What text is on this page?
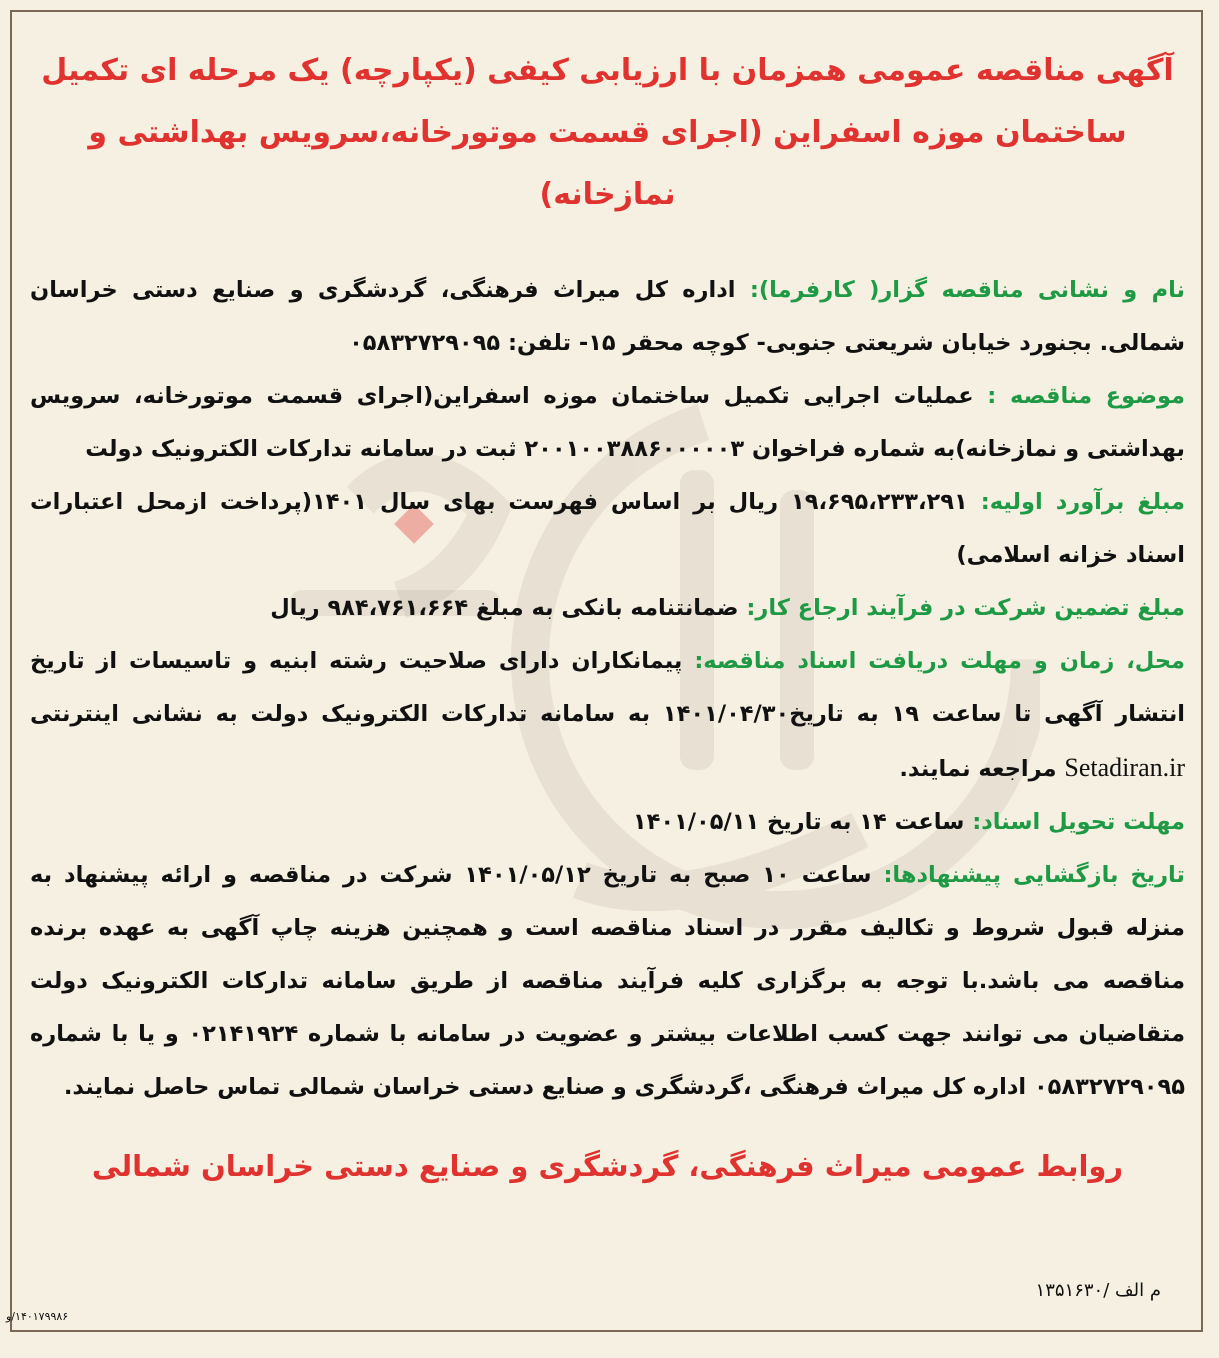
آگهی مناقصه عمومی همزمان با ارزیابی کیفی (یکپارچه) یک مرحله ای تکمیل
ساختمان موزه اسفراین (اجرای قسمت موتورخانه،سرویس بهداشتی و نمازخانه)

نام و نشانی مناقصه گزار( کارفرما): اداره کل میراث فرهنگی، گردشگری و صنایع دستی خراسان شمالی. بجنورد خیابان شریعتی جنوبی- کوچه محقر ۱۵- تلفن: ۰۵۸۳۲۷۲۹۰۹۵

موضوع مناقصه : عملیات اجرایی تکمیل ساختمان موزه اسفراین(اجرای قسمت موتورخانه، سرویس بهداشتی و نمازخانه)به شماره فراخوان ۲۰۰۱۰۰۳۸۸۶۰۰۰۰۰۳ ثبت در سامانه تدارکات الکترونیک دولت

مبلغ برآورد اولیه: ۱۹،۶۹۵،۲۳۳،۲۹۱ ریال بر اساس فهرست بهای سال ۱۴۰۱(پرداخت ازمحل اعتبارات اسناد خزانه اسلامی)

مبلغ تضمین شرکت در فرآیند ارجاع کار: ضمانتنامه بانکی به مبلغ ۹۸۴،۷۶۱،۶۶۴ ریال

محل، زمان و مهلت دریافت اسناد مناقصه: پیمانکاران دارای صلاحیت رشته ابنیه و تاسیسات از تاریخ انتشار آگهی تا ساعت ۱۹ به تاریخ۱۴۰۱/۰۴/۳۰ به سامانه تدارکات الکترونیک دولت به نشانی اینترنتی Setadiran.ir مراجعه نمایند.

مهلت تحویل اسناد: ساعت ۱۴ به تاریخ ۱۴۰۱/۰۵/۱۱

تاریخ بازگشایی پیشنهادها: ساعت ۱۰ صبح به تاریخ ۱۴۰۱/۰۵/۱۲ شرکت در مناقصه و ارائه پیشنهاد به منزله قبول شروط و تکالیف مقرر در اسناد مناقصه است و همچنین هزینه چاپ آگهی به عهده برنده مناقصه می باشد.با توجه به برگزاری کلیه فرآیند مناقصه از طریق سامانه تدارکات الکترونیک دولت متقاضیان می توانند جهت کسب اطلاعات بیشتر و عضویت در سامانه با شماره ۰۲۱۴۱۹۲۴ و یا با شماره ۰۵۸۳۲۷۲۹۰۹۵ اداره کل میراث فرهنگی ،گردشگری و صنایع دستی خراسان شمالی تماس حاصل نمایند.

روابط عمومی میراث فرهنگی، گردشگری و صنایع دستی خراسان شمالی
م الف /۱۳۵۱۶۳۰
۱۴۰۱۷۹۹۸۶/و
